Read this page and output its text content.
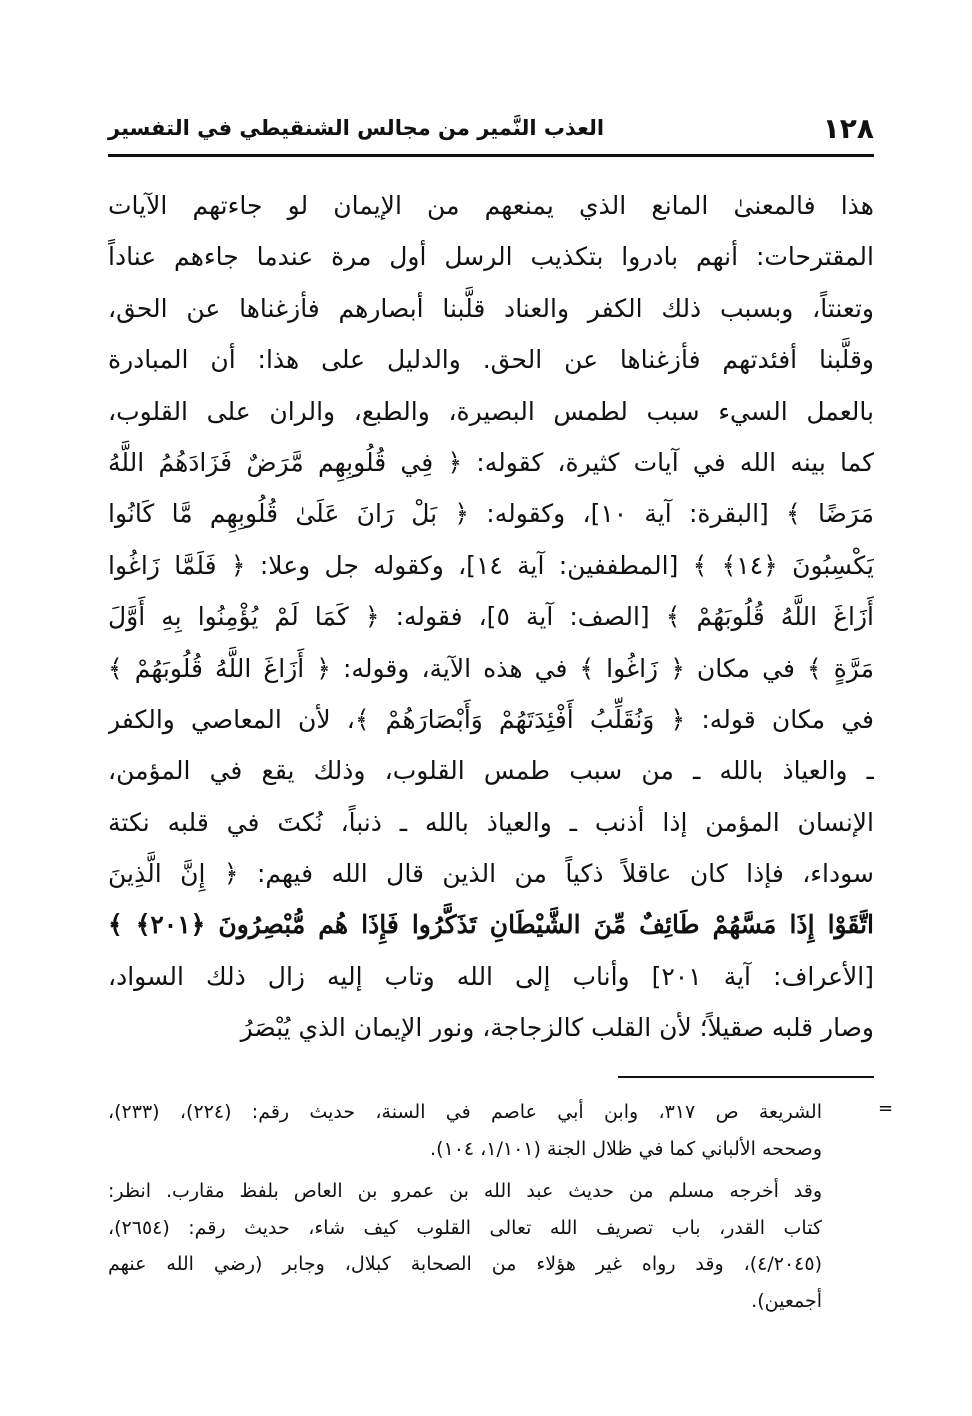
١٢٨
العذب النَّمير من مجالس الشنقيطي في التفسير
هذا فالمعنىٰ المانع الذي يمنعهم من الإيمان لو جاءتهم الآيات
المقترحات: أنهم بادروا بتكذيب الرسل أول مرة عندما جاءهم عناداً
وتعنتاً، وبسبب ذلك الكفر والعناد قلَّبنا أبصارهم فأزغناها عن الحق،
وقلَّبنا أفئدتهم فأزغناها عن الحق. والدليل على هذا: أن المبادرة
بالعمل السيء سبب لطمس البصيرة، والطبع، والران على القلوب،
كما بينه الله في آيات كثيرة، كقوله: ﴿ فِي قُلُوبِهِم مَّرَضٌ فَزَادَهُمُ اللَّهُ
مَرَضًا ﴾ [البقرة: آية ١٠]، وكقوله: ﴿ بَلْ رَانَ عَلَىٰ قُلُوبِهِم مَّا كَانُوا
يَكْسِبُونَ ﴿١٤﴾ ﴾ [المطففين: آية ١٤]، وكقوله جل وعلا: ﴿ فَلَمَّا زَاغُوا
أَزَاغَ اللَّهُ قُلُوبَهُمْ ﴾ [الصف: آية ٥]، فقوله: ﴿ كَمَا لَمْ يُؤْمِنُوا بِهِ أَوَّلَ
مَرَّةٍ ﴾ في مكان ﴿ زَاغُوا ﴾ في هذه الآية، وقوله: ﴿ أَزَاغَ اللَّهُ قُلُوبَهُمْ ﴾
في مكان قوله: ﴿ وَنُقَلِّبُ أَفْئِدَتَهُمْ وَأَبْصَارَهُمْ ﴾، لأن المعاصي والكفر
ـ والعياذ بالله ـ من سبب طمس القلوب، وذلك يقع في المؤمن،
الإنسان المؤمن إذا أذنب ـ والعياذ بالله ـ ذنباً، نُكتَ في قلبه نكتة
سوداء، فإذا كان عاقلاً ذكياً من الذين قال الله فيهم: ﴿ إِنَّ الَّذِينَ
اتَّقَوْا إِذَا مَسَّهُمْ طَائِفٌ مِّنَ الشَّيْطَانِ تَذَكَّرُوا فَإِذَا هُم مُّبْصِرُونَ ﴿٢٠١﴾ ﴾
[الأعراف: آية ٢٠١] وأناب إلى الله وتاب إليه زال ذلك السواد،
وصار قلبه صقيلاً؛ لأن القلب كالزجاجة، ونور الإيمان الذي يُبْصَرُ
=
الشريعة ص ٣١٧، وابن أبي عاصم في السنة، حديث رقم: (٢٢٤)، (٢٣٣)،
وصححه الألباني كما في ظلال الجنة (١/١٠١، ١٠٤).
وقد أخرجه مسلم من حديث عبد الله بن عمرو بن العاص بلفظ مقارب. انظر:
كتاب القدر، باب تصريف الله تعالى القلوب كيف شاء، حديث رقم: (٢٦٥٤)،
(٤/٢٠٤٥)، وقد رواه غير هؤلاء من الصحابة كبلال، وجابر (رضي الله عنهم
أجمعين).
